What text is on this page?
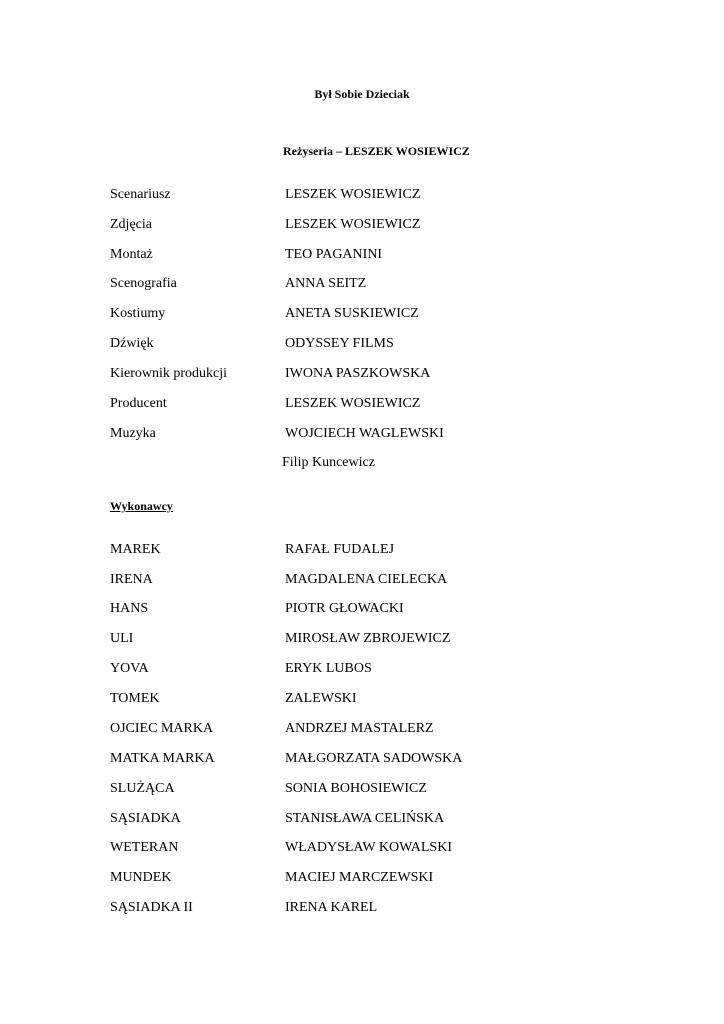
Był Sobie Dzieciak
Reżyseria – LESZEK WOSIEWICZ
Scenariusz	LESZEK WOSIEWICZ
Zdjęcia	LESZEK WOSIEWICZ
Montaż	TEO PAGANINI
Scenografia	ANNA SEITZ
Kostiumy	ANETA SUSKIEWICZ
Dźwięk	ODYSSEY FILMS
Kierownik produkcji	IWONA PASZKOWSKA
Producent	LESZEK WOSIEWICZ
Muzyka	WOJCIECH WAGLEWSKI
Filip Kuncewicz
Wykonawcy
MAREK	RAFAŁ FUDALEJ
IRENA	MAGDALENA CIELECKA
HANS	PIOTR GŁOWACKI
ULI	MIROSŁAW ZBROJEWICZ
YOVA	ERYK LUBOS
TOMEK	ZALEWSKI
OJCIEC MARKA	ANDRZEJ MASTALERZ
MATKA MARKA	MAŁGORZATA SADOWSKA
SLUŻĄCA	SONIA BOHOSIEWICZ
SĄSIADKA	STANISŁAWA CELIŃSKA
WETERAN	WŁADYSŁAW KOWALSKI
MUNDEK	MACIEJ MARCZEWSKI
SĄSIADKA II	IRENA KAREL
